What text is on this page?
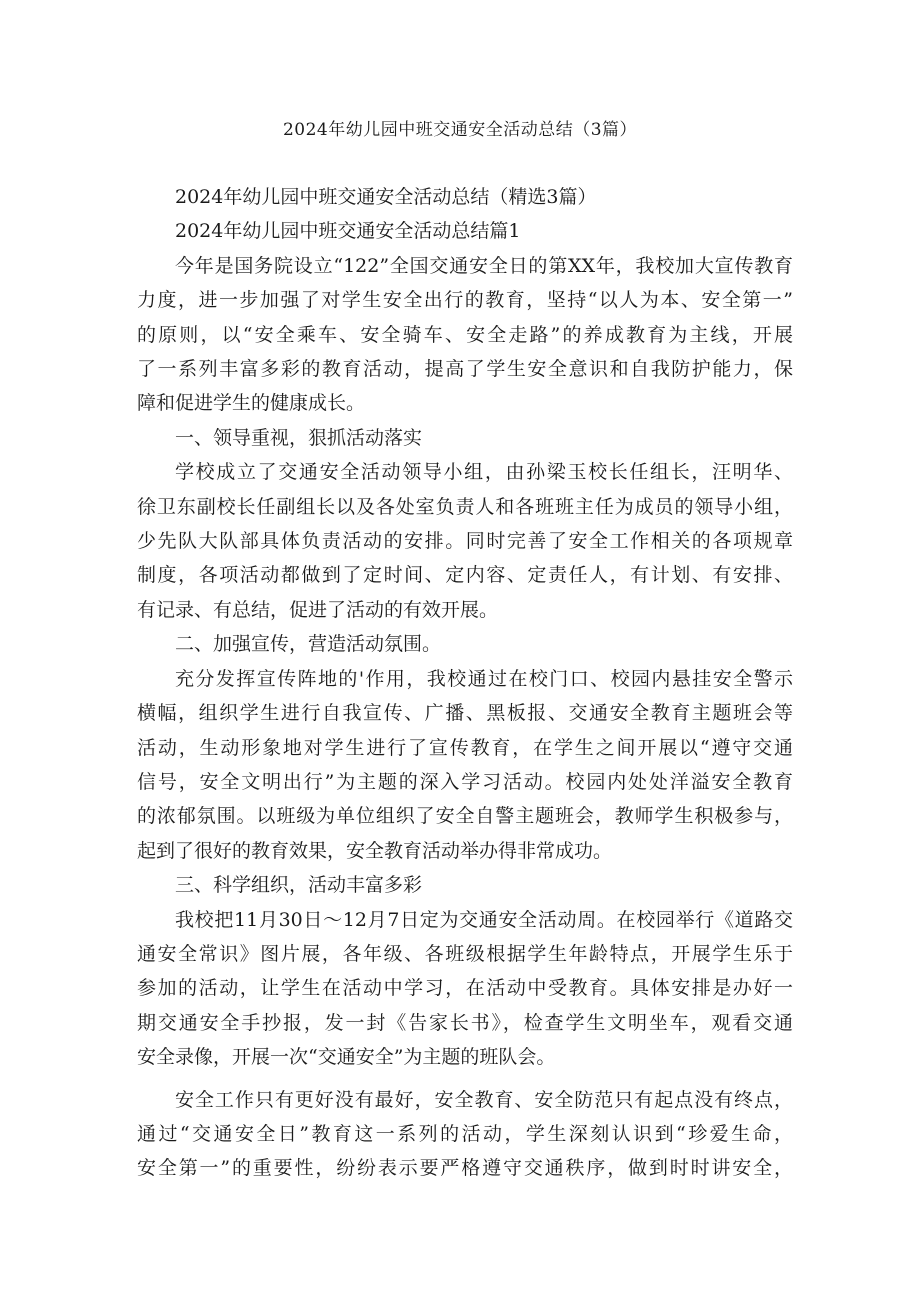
2024年幼儿园中班交通安全活动总结（3篇）

2024年幼儿园中班交通安全活动总结（精选3篇）

2024年幼儿园中班交通安全活动总结篇1

今年是国务院设立“122”全国交通安全日的第XX年，我校加大宣传教育

力度，进一步加强了对学生安全出行的教育，坚持“以人为本、安全第一”

的原则，以“安全乘车、安全骑车、安全走路”的养成教育为主线，开展

了一系列丰富多彩的教育活动，提高了学生安全意识和自我防护能力，保

障和促进学生的健康成长。

一、领导重视，狠抓活动落实

学校成立了交通安全活动领导小组，由孙梁玉校长任组长，汪明华、

徐卫东副校长任副组长以及各处室负责人和各班班主任为成员的领导小组，

少先队大队部具体负责活动的安排。同时完善了安全工作相关的各项规章

制度，各项活动都做到了定时间、定内容、定责任人，有计划、有安排、

有记录、有总结，促进了活动的有效开展。

二、加强宣传，营造活动氛围。

充分发挥宣传阵地的'作用，我校通过在校门口、校园内悬挂安全警示

横幅，组织学生进行自我宣传、广播、黑板报、交通安全教育主题班会等

活动，生动形象地对学生进行了宣传教育，在学生之间开展以“遵守交通

信号，安全文明出行”为主题的深入学习活动。校园内处处洋溢安全教育

的浓郁氛围。以班级为单位组织了安全自警主题班会，教师学生积极参与，

起到了很好的教育效果，安全教育活动举办得非常成功。

三、科学组织，活动丰富多彩

我校把11月30日～12月7日定为交通安全活动周。在校园举行《道路交

通安全常识》图片展，各年级、各班级根据学生年龄特点，开展学生乐于

参加的活动，让学生在活动中学习，在活动中受教育。具体安排是办好一

期交通安全手抄报，发一封《告家长书》，检查学生文明坐车，观看交通

安全录像，开展一次“交通安全”为主题的班队会。

安全工作只有更好没有最好，安全教育、安全防范只有起点没有终点，

通过“交通安全日”教育这一系列的活动，学生深刻认识到“珍爱生命，

安全第一”的重要性，纷纷表示要严格遵守交通秩序，做到时时讲安全，
